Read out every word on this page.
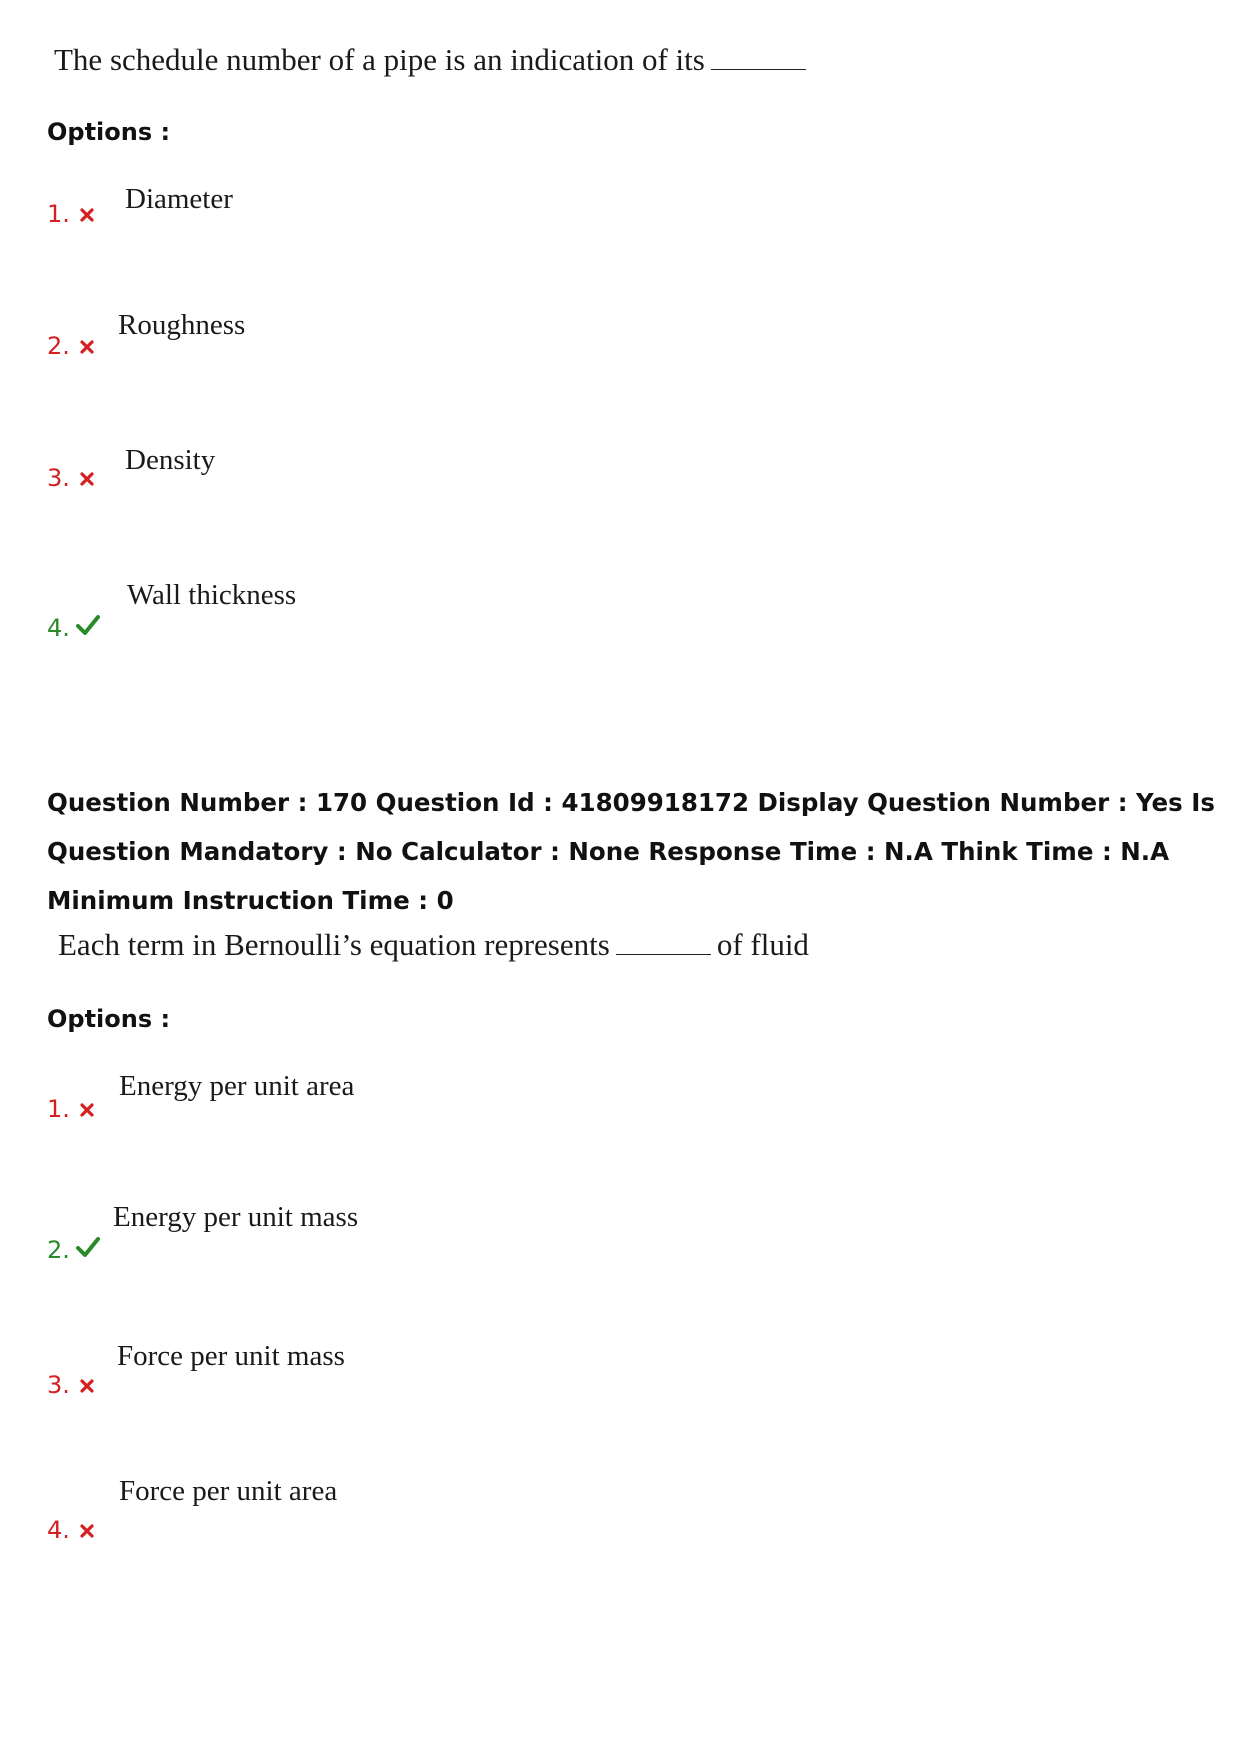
The schedule number of a pipe is an indication of its
Options :
1. Diameter
2.
Roughness
3.
Density
4.
Wall thickness
Question Number : 170 Question Id : 41809918172 Display Question Number : Yes Is Question Mandatory : No Calculator : None Response Time : N.A Think Time : N.A Minimum Instruction Time : 0
Each term in Bernoulli’s equation represents	of fluid
Options :
1.
Energy per unit area
2.
Energy per unit mass
3.
Force per unit mass
4.
Force per unit area
